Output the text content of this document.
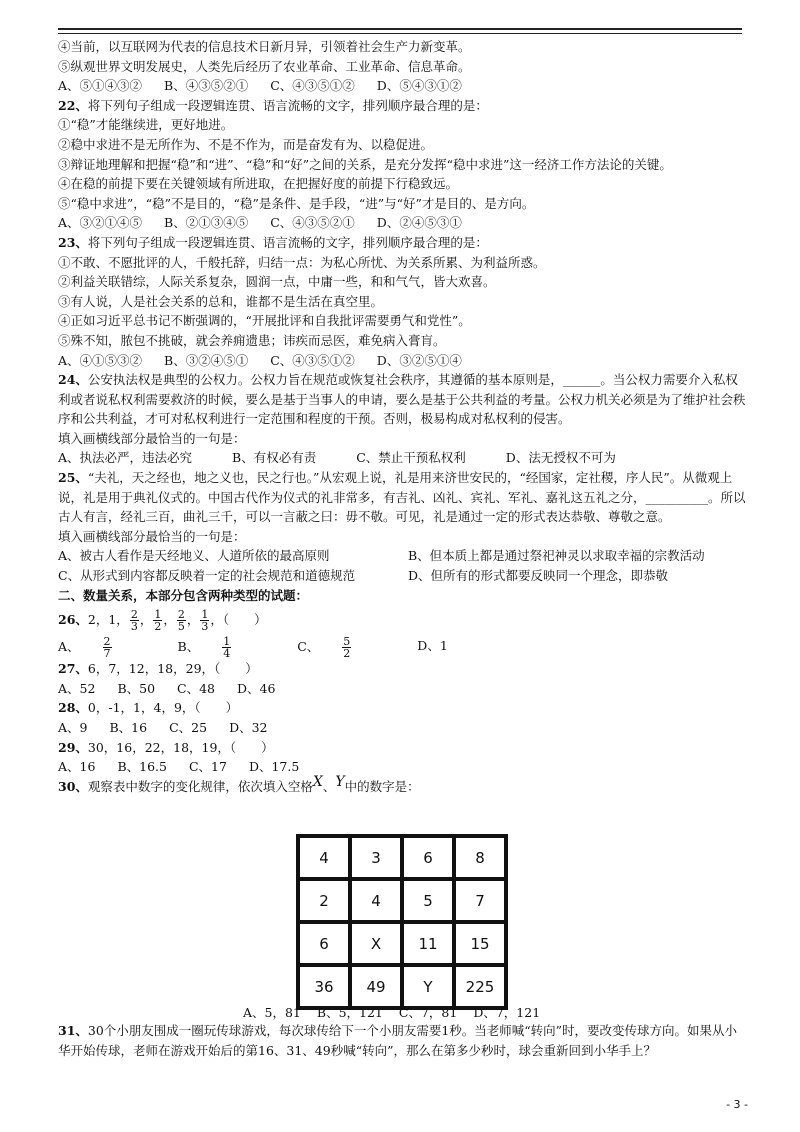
④当前，以互联网为代表的信息技术日新月异，引领着社会生产力新变革。
⑤纵观世界文明发展史，人类先后经历了农业革命、工业革命、信息革命。
A、⑤①④③② B、④③⑤②① C、④③⑤①② D、⑤④③①②
22、将下列句子组成一段逻辑连贯、语言流畅的文字，排列顺序最合理的是：
①“稳”才能继续进，更好地进。
②稳中求进不是无所作为、不是不作为，而是奋发有为、以稳促进。
③辩证地理解和把握“稳”和“进”、“稳”和“好”之间的关系，是充分发挥“稳中求进”这一经济工作方法论的关键。
④在稳的前提下要在关键领域有所进取，在把握好度的前提下行稳致远。
⑤“稳中求进”，“稳”不是目的，“稳”是条件、是手段，“进”与“好”才是目的、是方向。
A、③②①④⑤ B、②①③④⑤ C、④③⑤②① D、②④⑤③①
23、将下列句子组成一段逻辑连贯、语言流畅的文字，排列顺序最合理的是：
①不敢、不愿批评的人，千般托辞，归结一点：为私心所忧、为关系所累、为利益所惑。
②利益关联错综，人际关系复杂，圆润一点，中庸一些，和和气气，皆大欢喜。
③有人说，人是社会关系的总和，谁都不是生活在真空里。
④正如习近平总书记不断强调的，“开展批评和自我批评需要勇气和党性”。
⑤殊不知，脓包不挑破，就会养痈遗患；讳疾而忌医，难免病入膏肓。
A、④①⑤③② B、③②④⑤① C、④③⑤①② D、③②⑤①④
24、公安执法权是典型的公权力。公权力旨在规范或恢复社会秩序，其遵循的基本原则是，______。当公权力需要介入私权利或者说私权利需要救济的时候，要么是基于当事人的申请，要么是基于公共利益的考量。公权力机关必须是为了维护社会秩序和公共利益，才可对私权利进行一定范围和程度的干预。否则，极易构成对私权利的侵害。
填入画横线部分最恰当的一句是：
A、执法必严，违法必究	B、有权必有责	C、禁止干预私权利	D、法无授权不可为
25、“夫礼，天之经也，地之义也，民之行也。”从宏观上说，礼是用来济世安民的，“经国家，定社稷，序人民”。从微观上说，礼是用于典礼仪式的。中国古代作为仪式的礼非常多，有吉礼、凶礼、宾礼、军礼、嘉礼这五礼之分，__________。所以古人有言，经礼三百，曲礼三千，可以一言蔽之曰：毋不敬。可见，礼是通过一定的形式表达恭敬、尊敬之意。
填入画横线部分最恰当的一句是：
A、被古人看作是天经地义、人道所依的最高原则	B、但本质上都是通过祭祀神灵以求取幸福的宗教活动
C、从形式到内容都反映着一定的社会规范和道德规范	D、但所有的形式都要反映同一个理念，即恭敬
二、数量关系，本部分包含两种类型的试题：
26、2，1， $\frac{2}{3}$ ， $\frac{1}{2}$ ， $\frac{2}{5}$ ， $\frac{1}{3}$ ，（　　）
A、 $\frac{2}{7}$	B、 $\frac{1}{4}$	C、 $\frac{5}{2}$	D、1
27、6，7，12，18，29，（　　）
A、52 B、50 C、48 D、46
28、0，-1，1，4，9，（　　）
A、9 B、16 C、25 D、32
29、30，16，22，18，19，（　　）
A、16 B、16.5 C、17 D、17.5
30、观察表中数字的变化规律，依次填入空格X、Y中的数字是：
4	3	6	8

2	4	5	7

6	X	11	15

36	49	Y	225
A、5，81 B、5，121 C、7，81 D、7，121
31、30个小朋友围成一圈玩传球游戏，每次球传给下一个小朋友需要1秒。当老师喊“转向”时，要改变传球方向。如果从小华开始传球，老师在游戏开始后的第16、31、49秒喊“转向”，那么在第多少秒时，球会重新回到小华手上？
- 3 -
